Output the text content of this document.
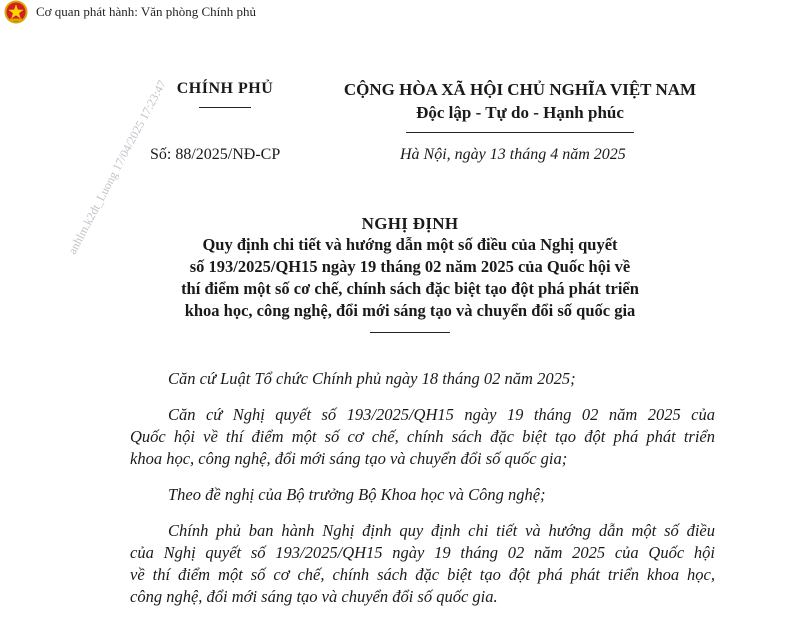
Cơ quan phát hành: Văn phòng Chính phủ
CHÍNH PHỦ
Số: 88/2025/NĐ-CP
CỘNG HÒA XÃ HỘI CHỦ NGHĨA VIỆT NAM
Độc lập - Tự do - Hạnh phúc
Hà Nội, ngày 13 tháng 4 năm 2025
anhlm.k2dt_Luong 17/04/2025 17:23:47	NGHỊ ĐỊNH
Quy định chi tiết và hướng dẫn một số điều của Nghị quyết
số 193/2025/QH15 ngày 19 tháng 02 năm 2025 của Quốc hội về
thí điểm một số cơ chế, chính sách đặc biệt tạo đột phá phát triển
khoa học, công nghệ, đổi mới sáng tạo và chuyển đổi số quốc gia

Căn cứ Luật Tổ chức Chính phủ ngày 18 tháng 02 năm 2025;

Căn cứ Nghị quyết số 193/2025/QH15 ngày 19 tháng 02 năm 2025 của
Quốc hội về thí điểm một số cơ chế, chính sách đặc biệt tạo đột phá phát triển
khoa học, công nghệ, đổi mới sáng tạo và chuyển đổi số quốc gia;

Theo đề nghị của Bộ trưởng Bộ Khoa học và Công nghệ;

Chính phủ ban hành Nghị định quy định chi tiết và hướng dẫn một số điều
của Nghị quyết số 193/2025/QH15 ngày 19 tháng 02 năm 2025 của Quốc hội
về thí điểm một số cơ chế, chính sách đặc biệt tạo đột phá phát triển khoa học,
công nghệ, đổi mới sáng tạo và chuyển đổi số quốc gia.
